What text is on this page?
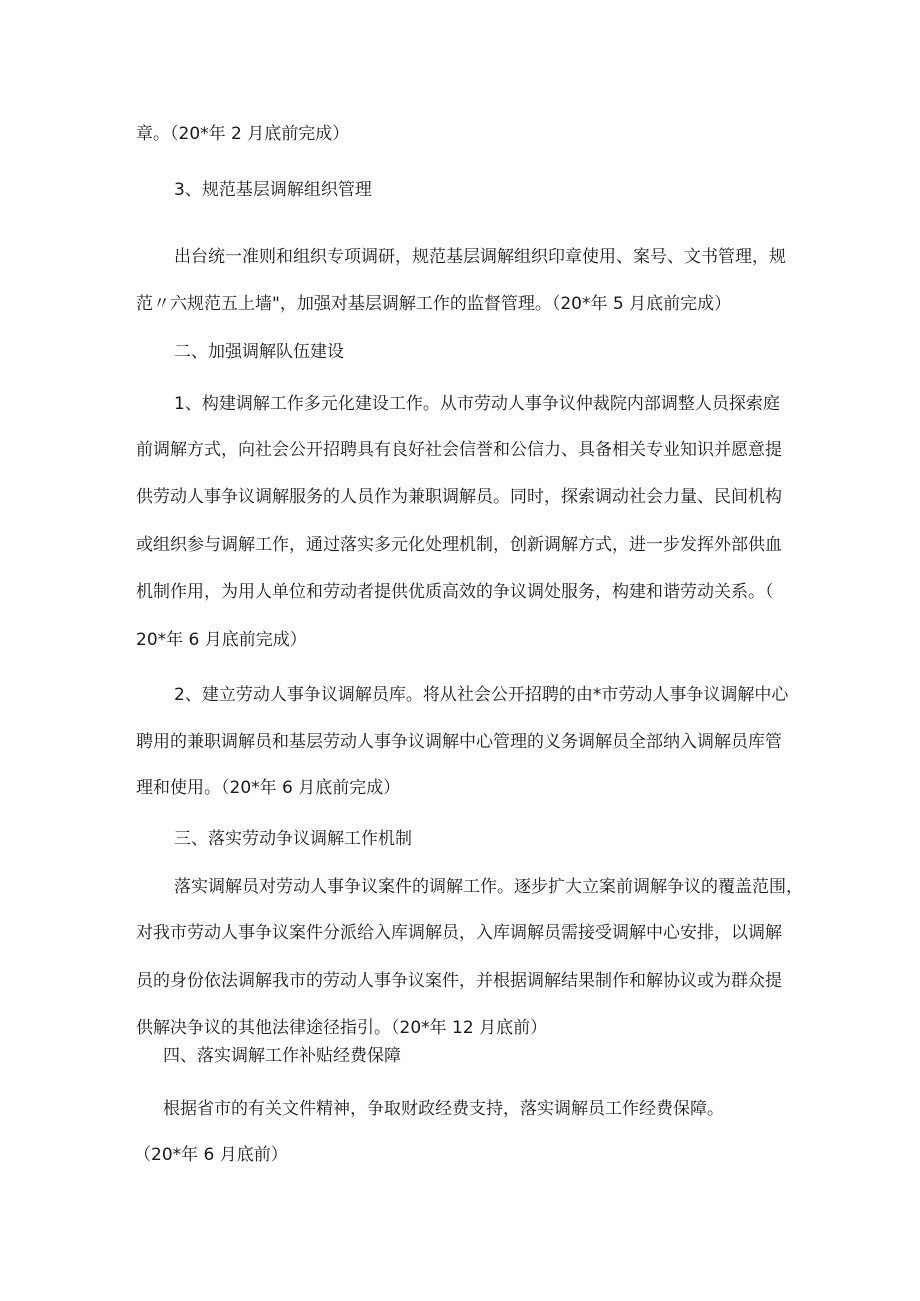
章。（20*年 2 月底前完成）
3、规范基层调解组织管理
出台统一准则和组织专项调研，规范基层调解组织印章使用、案号、文书管理，规
范〃六规范五上墙"，加强对基层调解工作的监督管理。（20*年 5 月底前完成）
二、加强调解队伍建设
1、构建调解工作多元化建设工作。从市劳动人事争议仲裁院内部调整人员探索庭
前调解方式，向社会公开招聘具有良好社会信誉和公信力、具备相关专业知识并愿意提
供劳动人事争议调解服务的人员作为兼职调解员。同时，探索调动社会力量、民间机构
或组织参与调解工作，通过落实多元化处理机制，创新调解方式，进一步发挥外部供血
机制作用，为用人单位和劳动者提供优质高效的争议调处服务，构建和谐劳动关系。（
20*年 6 月底前完成）
2、建立劳动人事争议调解员库。将从社会公开招聘的由*市劳动人事争议调解中心
聘用的兼职调解员和基层劳动人事争议调解中心管理的义务调解员全部纳入调解员库管
理和使用。（20*年 6 月底前完成）
三、落实劳动争议调解工作机制
落实调解员对劳动人事争议案件的调解工作。逐步扩大立案前调解争议的覆盖范围，
对我市劳动人事争议案件分派给入库调解员，入库调解员需接受调解中心安排，以调解
员的身份依法调解我市的劳动人事争议案件，并根据调解结果制作和解协议或为群众提
供解决争议的其他法律途径指引。（20*年 12 月底前）
四、落实调解工作补贴经费保障
根据省市的有关文件精神，争取财政经费支持，落实调解员工作经费保障。
（20*年 6 月底前）
